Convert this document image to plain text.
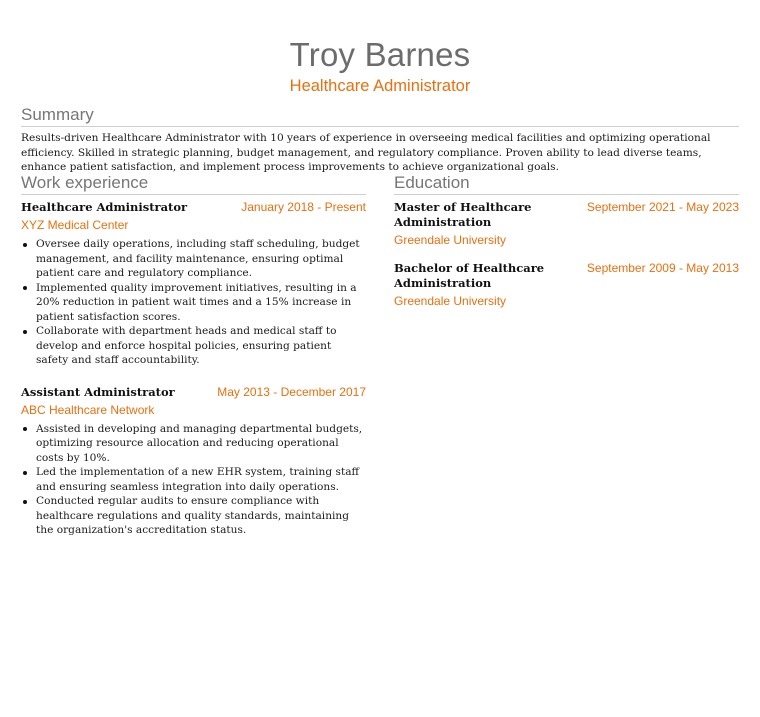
Troy Barnes
Healthcare Administrator
Summary
Results-driven Healthcare Administrator with 10 years of experience in overseeing medical facilities and optimizing operational efficiency. Skilled in strategic planning, budget management, and regulatory compliance. Proven ability to lead diverse teams, enhance patient satisfaction, and implement process improvements to achieve organizational goals.
Work experience
Healthcare Administrator	January 2018 - Present
XYZ Medical Center
Oversee daily operations, including staff scheduling, budget management, and facility maintenance, ensuring optimal patient care and regulatory compliance.
Implemented quality improvement initiatives, resulting in a 20% reduction in patient wait times and a 15% increase in patient satisfaction scores.
Collaborate with department heads and medical staff to develop and enforce hospital policies, ensuring patient safety and staff accountability.
Assistant Administrator	May 2013 - December 2017
ABC Healthcare Network
Assisted in developing and managing departmental budgets, optimizing resource allocation and reducing operational costs by 10%.
Led the implementation of a new EHR system, training staff and ensuring seamless integration into daily operations.
Conducted regular audits to ensure compliance with healthcare regulations and quality standards, maintaining the organization's accreditation status.
Education
Master of Healthcare Administration
September 2021 - May 2023
Greendale University
Bachelor of Healthcare Administration
September 2009 - May 2013
Greendale University
